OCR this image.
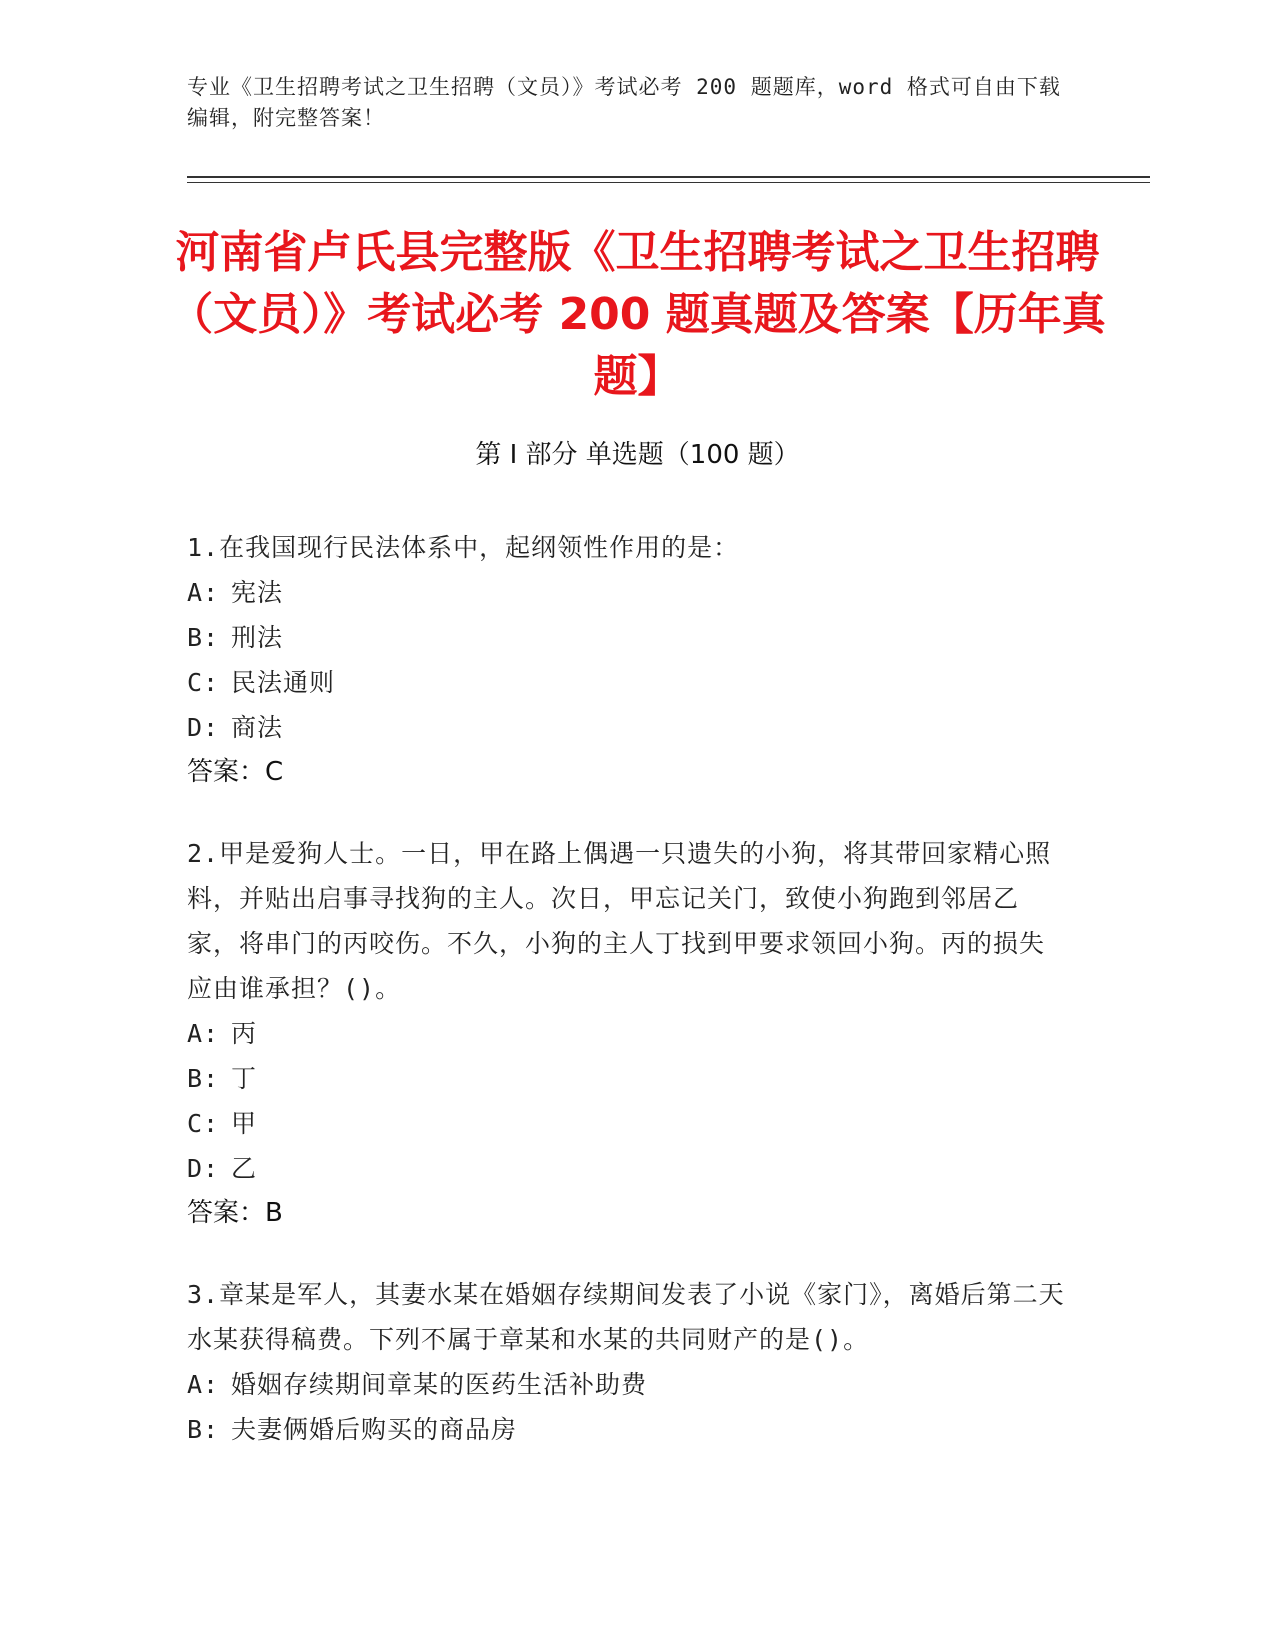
专业《卫生招聘考试之卫生招聘（文员）》考试必考 200 题题库，word 格式可自由下载编辑，附完整答案！
河南省卢氏县完整版《卫生招聘考试之卫生招聘（文员）》考试必考 200 题真题及答案【历年真题】
第 I 部分 单选题（100 题）

1.在我国现行民法体系中，起纲领性作用的是：

A: 宪法

B: 刑法

C: 民法通则

D: 商法

答案：C

2.甲是爱狗人士。一日，甲在路上偶遇一只遗失的小狗，将其带回家精心照料，并贴出启事寻找狗的主人。次日，甲忘记关门，致使小狗跑到邻居乙家，将串门的丙咬伤。不久，小狗的主人丁找到甲要求领回小狗。丙的损失应由谁承担？()。

A: 丙

B: 丁

C: 甲

D: 乙

答案：B

3.章某是军人，其妻水某在婚姻存续期间发表了小说《家门》，离婚后第二天水某获得稿费。下列不属于章某和水某的共同财产的是()。

A: 婚姻存续期间章某的医药生活补助费

B: 夫妻俩婚后购买的商品房
